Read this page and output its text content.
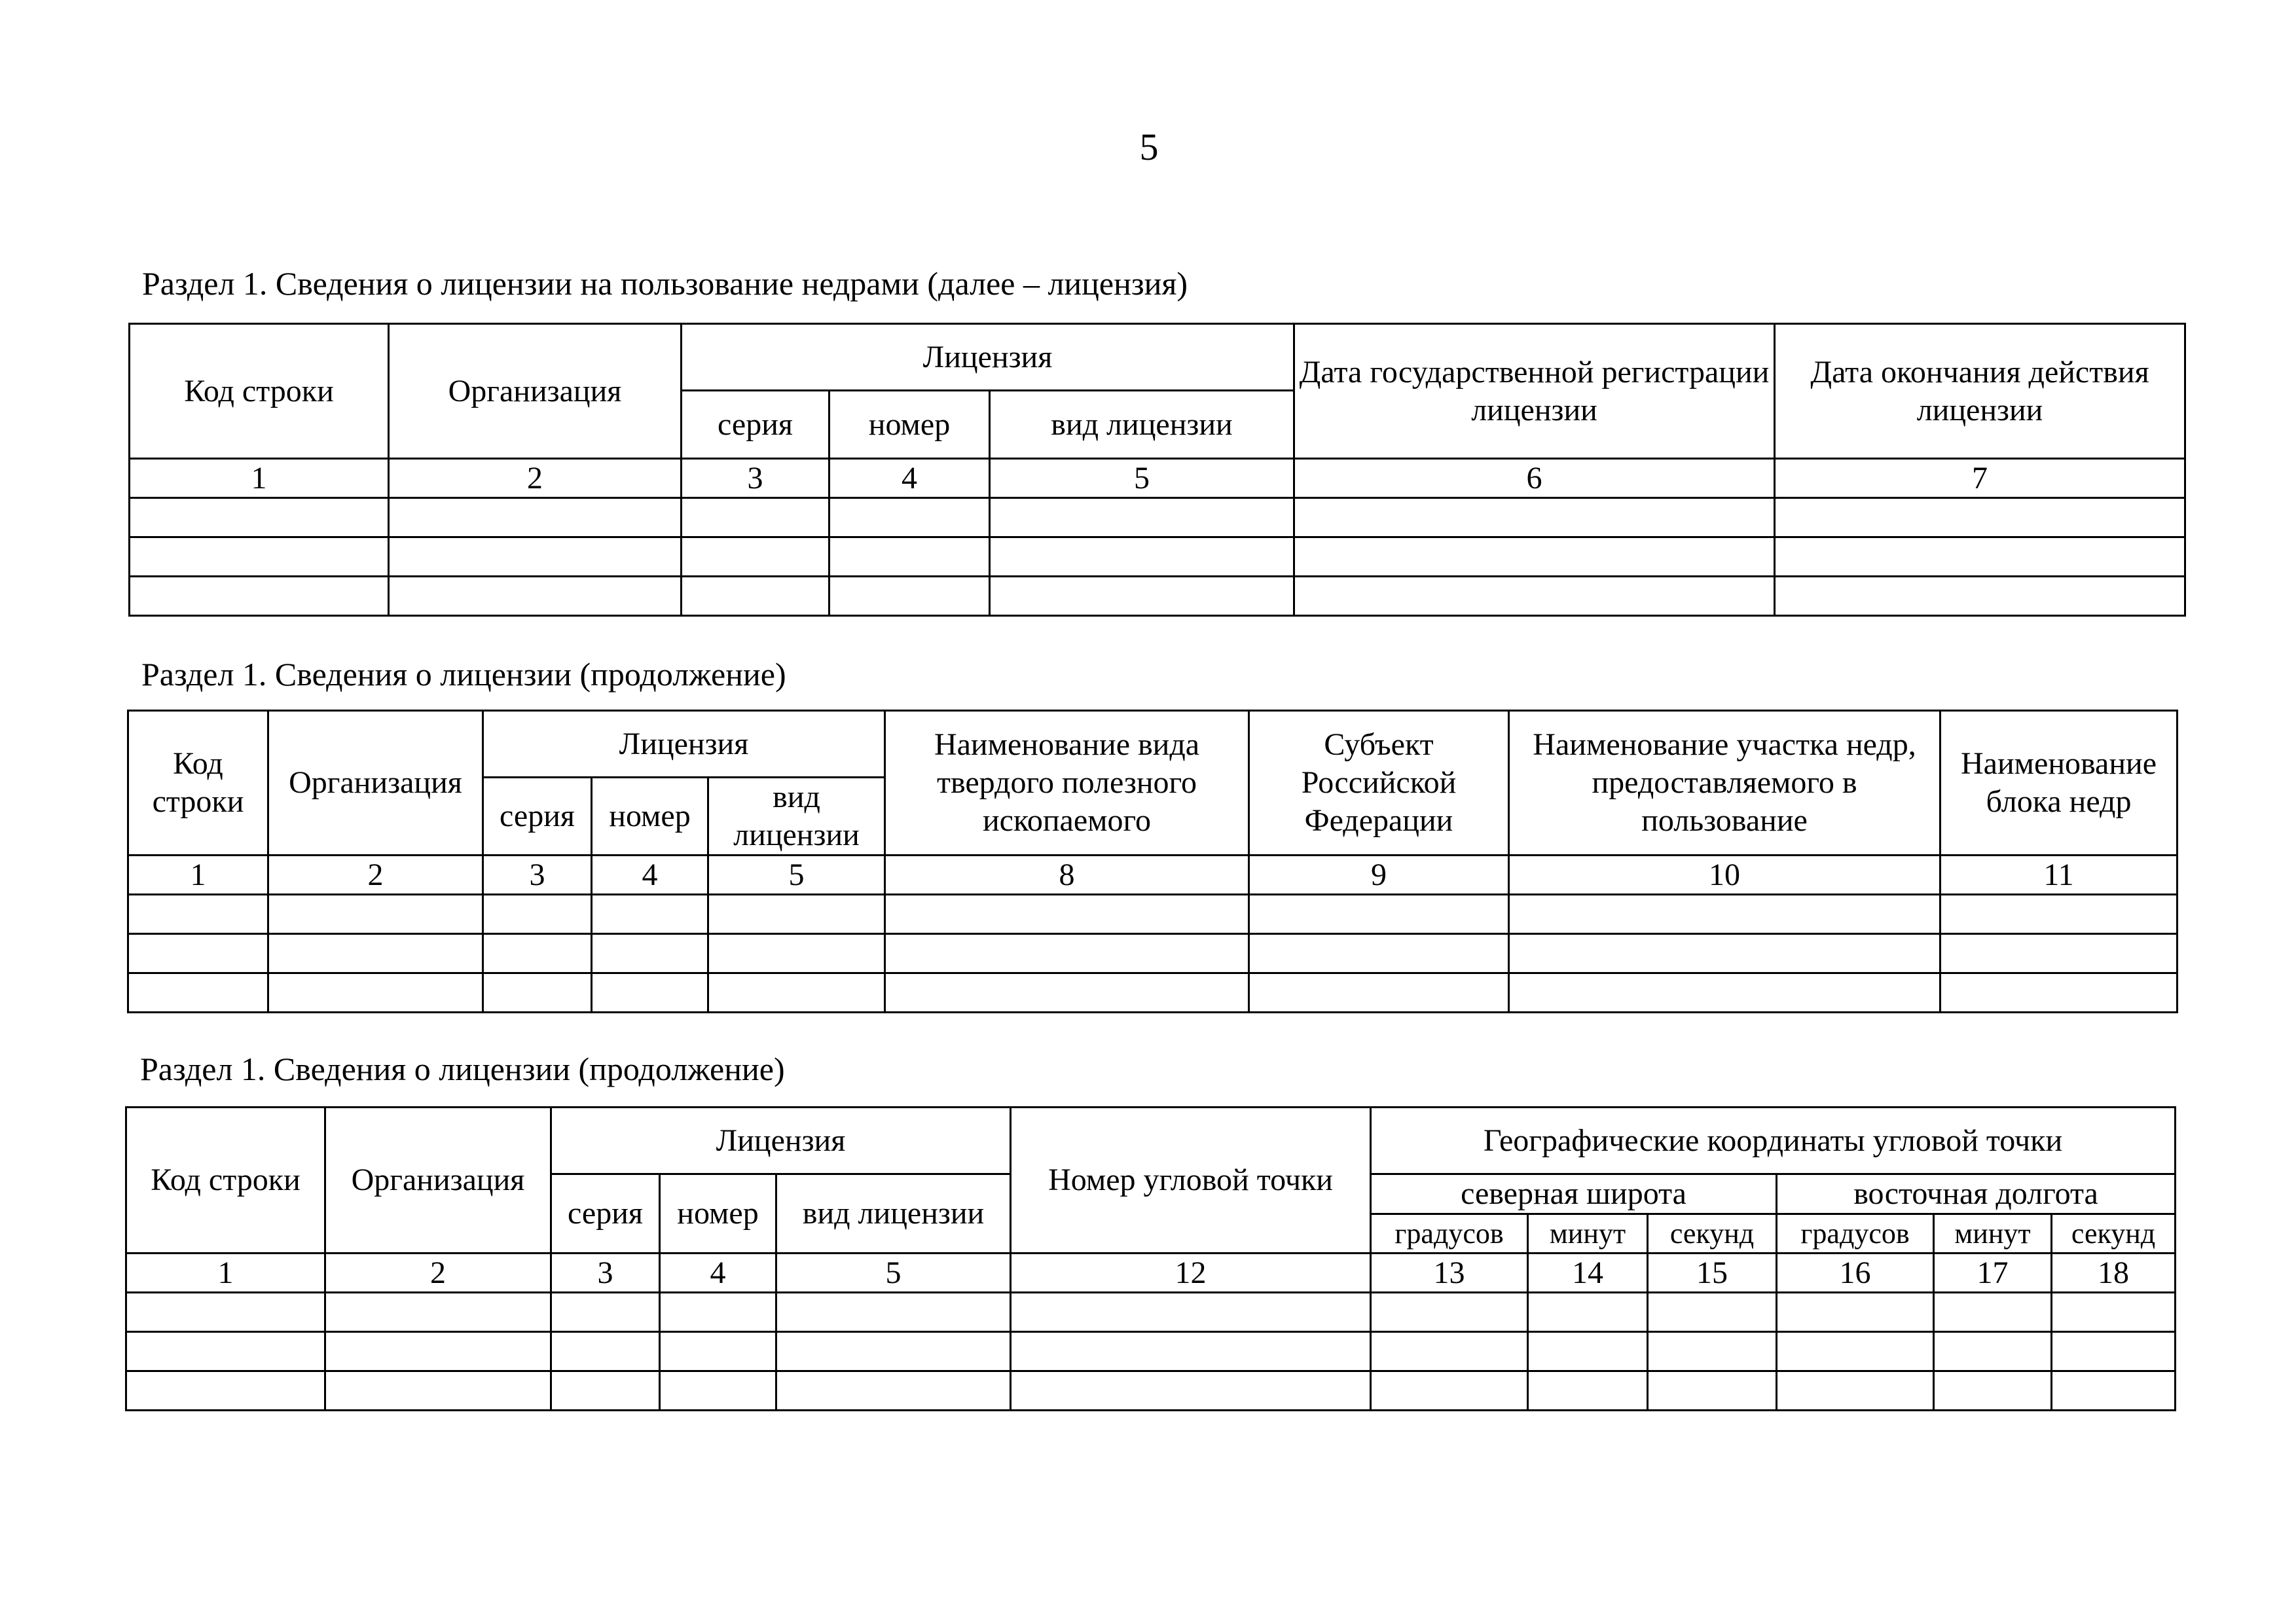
5
Раздел 1. Сведения о лицензии на пользование недрами (далее – лицензия)
Код строки	Организация	Лицензия			Дата государственной регистрации лицензии	Дата окончания действия лицензии
		серия	номер	вид лицензии		
1	2	3	4	5	6	7

Раздел 1. Сведения о лицензии (продолжение)
Код строки	Организация	Лицензия			Наименование вида твердого полезного ископаемого	Субъект Российской Федерации	Наименование участка недр, предоставляемого в пользование	Наименование блока недр
		серия	номер	вид лицензии				
1	2	3	4	5	8	9	10	11

Раздел 1. Сведения о лицензии (продолжение)
Код строки	Организация	Лицензия			Номер угловой точки	Географические координаты угловой точки					
		серия	номер	вид лицензии		северная широта			восточная долгота		
						градусов	минут	секунд	градусов	минут	секунд
1	2	3	4	5	12	13	14	15	16	17	18
